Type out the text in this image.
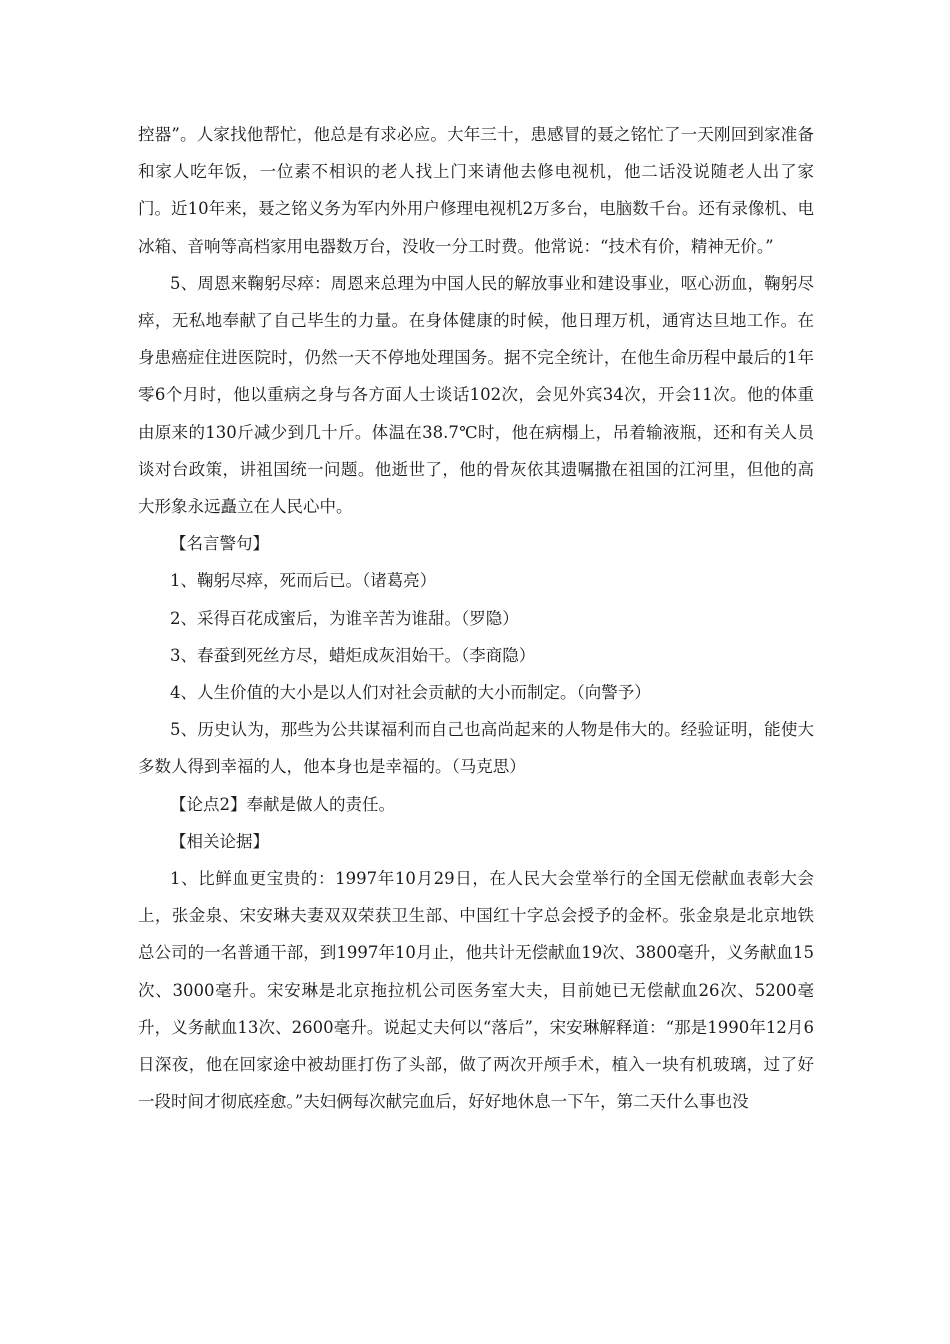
控器”。人家找他帮忙，他总是有求必应。大年三十，患感冒的聂之铭忙了一天刚回到家准备和家人吃年饭，一位素不相识的老人找上门来请他去修电视机，他二话没说随老人出了家门。近10年来，聂之铭义务为军内外用户修理电视机2万多台，电脑数千台。还有录像机、电冰箱、音响等高档家用电器数万台，没收一分工时费。他常说：“技术有价，精神无价。”

5、周恩来鞠躬尽瘁：周恩来总理为中国人民的解放事业和建设事业，呕心沥血，鞠躬尽瘁，无私地奉献了自己毕生的力量。在身体健康的时候，他日理万机，通宵达旦地工作。在身患癌症住进医院时，仍然一天不停地处理国务。据不完全统计，在他生命历程中最后的1年零6个月时，他以重病之身与各方面人士谈话102次，会见外宾34次，开会11次。他的体重由原来的130斤减少到几十斤。体温在38.7℃时，他在病榻上，吊着输液瓶，还和有关人员谈对台政策，讲祖国统一问题。他逝世了，他的骨灰依其遗嘱撒在祖国的江河里，但他的高大形象永远矗立在人民心中。

【名言警句】

1、鞠躬尽瘁，死而后已。（诸葛亮）

2、采得百花成蜜后，为谁辛苦为谁甜。（罗隐）

3、春蚕到死丝方尽，蜡炬成灰泪始干。（李商隐）

4、人生价值的大小是以人们对社会贡献的大小而制定。（向警予）

5、历史认为，那些为公共谋福利而自己也高尚起来的人物是伟大的。经验证明，能使大多数人得到幸福的人，他本身也是幸福的。（马克思）

【论点2】奉献是做人的责任。

【相关论据】

1、比鲜血更宝贵的：1997年10月29日，在人民大会堂举行的全国无偿献血表彰大会上，张金泉、宋安琳夫妻双双荣获卫生部、中国红十字总会授予的金杯。张金泉是北京地铁总公司的一名普通干部，到1997年10月止，他共计无偿献血19次、3800毫升，义务献血15次、3000毫升。宋安琳是北京拖拉机公司医务室大夫，目前她已无偿献血26次、5200毫升，义务献血13次、2600毫升。说起丈夫何以“落后”，宋安琳解释道：“那是1990年12月6日深夜，他在回家途中被劫匪打伤了头部，做了两次开颅手术，植入一块有机玻璃，过了好一段时间才彻底痊愈。”夫妇俩每次献完血后，好好地休息一下午，第二天什么事也没
